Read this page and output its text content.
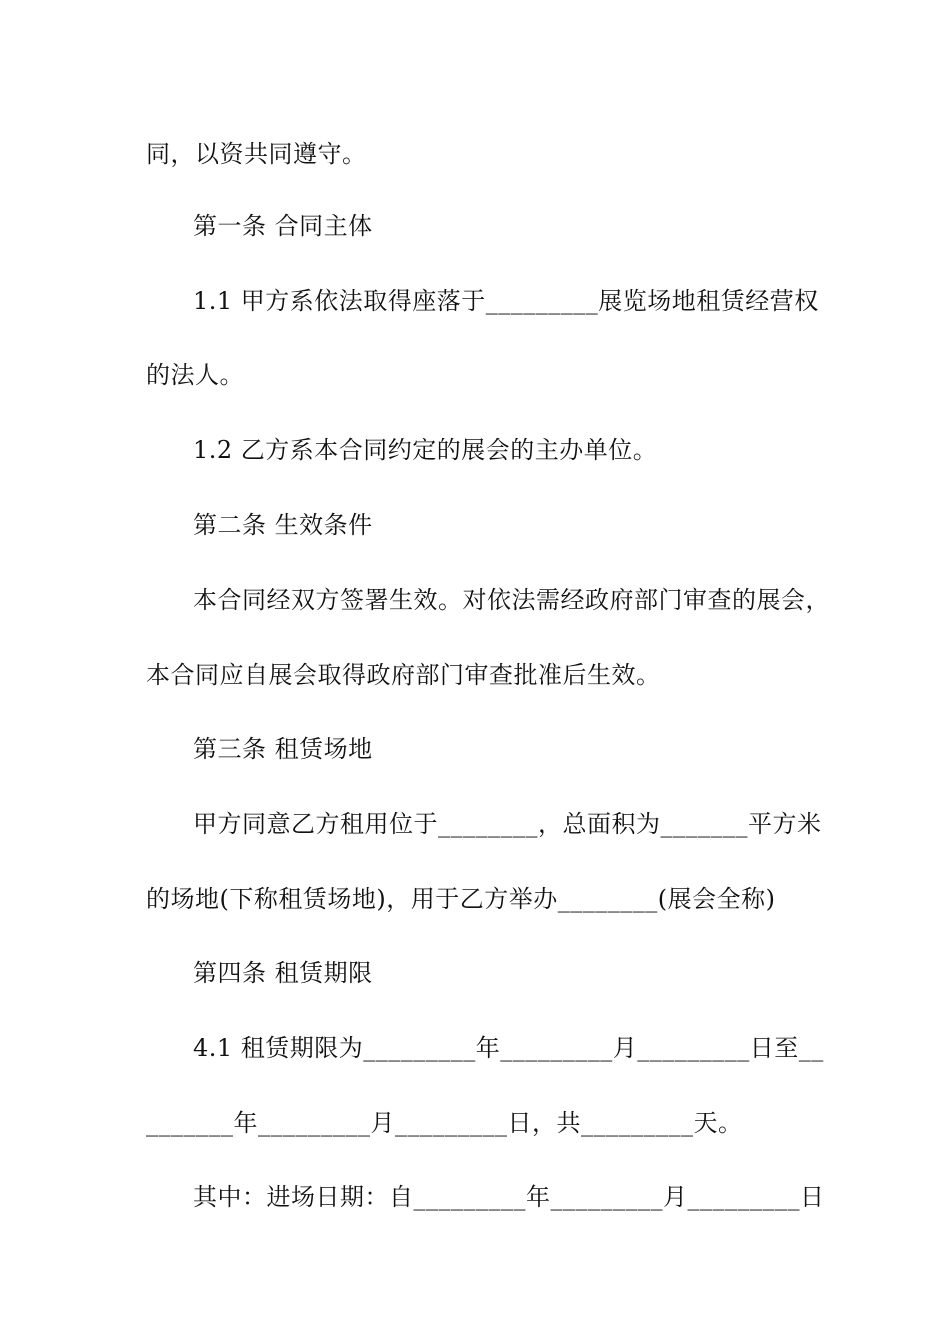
同，以资共同遵守。
第一条 合同主体
1.1 甲方系依法取得座落于_________展览场地租赁经营权
的法人。
1.2 乙方系本合同约定的展会的主办单位。
第二条 生效条件
本合同经双方签署生效。对依法需经政府部门审查的展会，
本合同应自展会取得政府部门审查批准后生效。
第三条 租赁场地
甲方同意乙方租用位于________，总面积为_______平方米
的场地(下称租赁场地)，用于乙方举办________(展会全称)
第四条 租赁期限
4.1 租赁期限为_________年_________月_________日至__
_______年_________月_________日，共_________天。
其中：进场日期：自_________年_________月_________日
